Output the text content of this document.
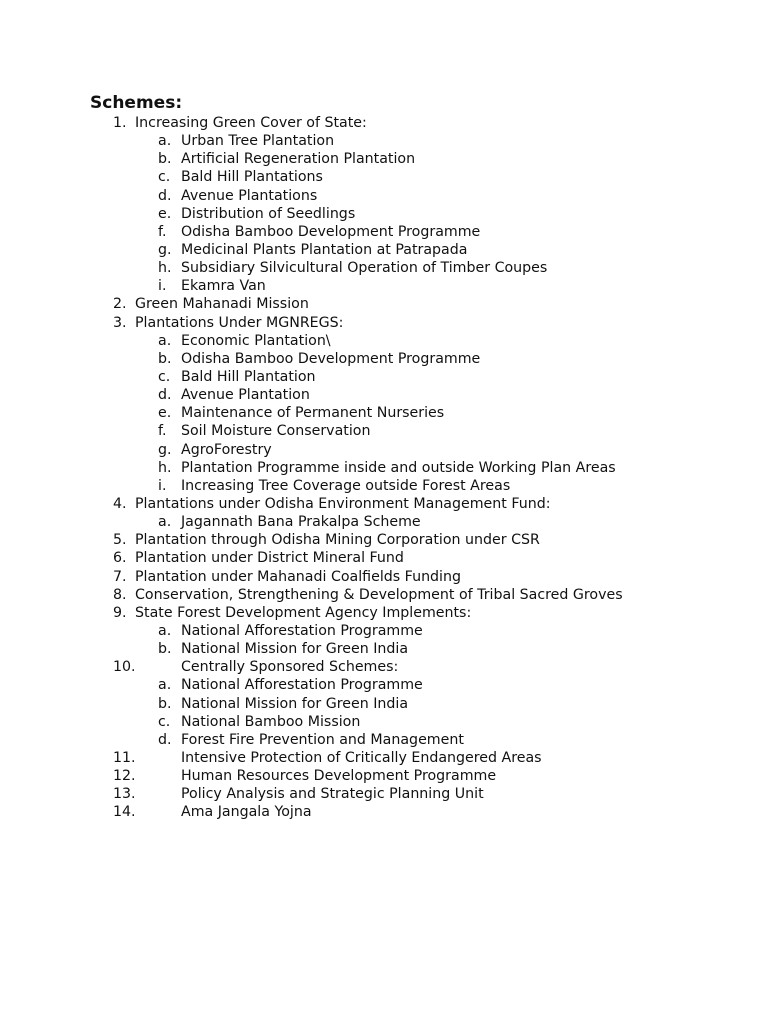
Schemes:
1. Increasing Green Cover of State:
a. Urban Tree Plantation
b. Artificial Regeneration Plantation
c. Bald Hill Plantations
d. Avenue Plantations
e. Distribution of Seedlings
f. Odisha Bamboo Development Programme
g. Medicinal Plants Plantation at Patrapada
h. Subsidiary Silvicultural Operation of Timber Coupes
i. Ekamra Van
2. Green Mahanadi Mission
3. Plantations Under MGNREGS:
a. Economic Plantation\
b. Odisha Bamboo Development Programme
c. Bald Hill Plantation
d. Avenue Plantation
e. Maintenance of Permanent Nurseries
f. Soil Moisture Conservation
g. AgroForestry
h. Plantation Programme inside and outside Working Plan Areas
i. Increasing Tree Coverage outside Forest Areas
4. Plantations under Odisha Environment Management Fund:
a. Jagannath Bana Prakalpa Scheme
5. Plantation through Odisha Mining Corporation under CSR
6. Plantation under District Mineral Fund
7. Plantation under Mahanadi Coalfields Funding
8. Conservation, Strengthening & Development of Tribal Sacred Groves
9. State Forest Development Agency Implements:
a. National Afforestation Programme
b. National Mission for Green India
10.	Centrally Sponsored Schemes:
a. National Afforestation Programme
b. National Mission for Green India
c. National Bamboo Mission
d. Forest Fire Prevention and Management
11.	Intensive Protection of Critically Endangered Areas
12.	Human Resources Development Programme
13.	Policy Analysis and Strategic Planning Unit
14.	Ama Jangala Yojna
